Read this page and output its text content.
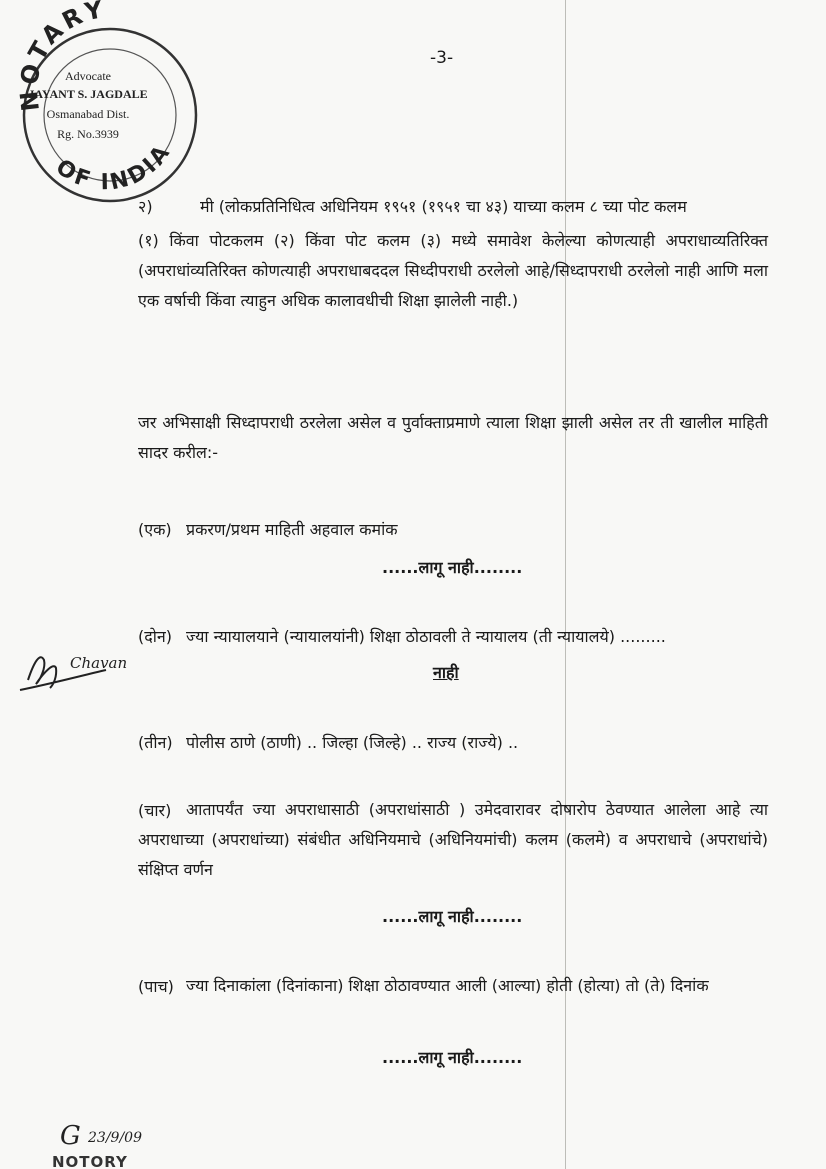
-3-
NOTARY
OF INDIA
Advocate
JAYANT S. JAGDALE
Osmanabad Dist.
Rg. No.3939
२)	मी (लोकप्रतिनिधित्व अधिनियम १९५१ (१९५१ चा ४३) याच्या कलम ८ च्या पोट कलम
(१) किंवा पोटकलम (२) किंवा पोट कलम (३) मध्ये समावेश केलेल्या कोणत्याही अपराधाव्यतिरिक्त (अपराधांव्यतिरिक्त कोणत्याही अपराधाबददल सिध्दीपराधी ठरलेलो आहे/सिध्दापराधी ठरलेलो नाही आणि मला एक वर्षाची किंवा त्याहुन अधिक कालावधीची शिक्षा झालेली नाही.)
जर अभिसाक्षी सिध्दापराधी ठरलेला असेल व पुर्वाक्ताप्रमाणे त्याला शिक्षा झाली असेल तर ती खालील माहिती सादर करील:-
(एक) प्रकरण/प्रथम माहिती अहवाल कमांक
......लागू नाही........
(दोन) ज्या न्यायालयाने (न्यायालयांनी) शिक्षा ठोठावली ते न्यायालय (ती न्यायालये) .........
नाही
Chavan
(तीन) पोलीस ठाणे (ठाणी) .. जिल्हा (जिल्हे) .. राज्य (राज्ये) ..
(चार) आतापर्यंत ज्या अपराधासाठी (अपराधांसाठी ) उमेदवारावर दोषारोप ठेवण्यात आलेला आहे त्या अपराधाच्या (अपराधांच्या) संबंधीत अधिनियमाचे (अधिनियमांची) कलम (कलमे) व अपराधाचे (अपराधांचे) संक्षिप्त वर्णन
......लागू नाही........
(पाच) ज्या दिनाकांला (दिनांकाना) शिक्षा ठोठावण्यात आली (आल्या) होती (होत्या) तो (ते) दिनांक
......लागू नाही........
G 23/9/09
NOTORY
